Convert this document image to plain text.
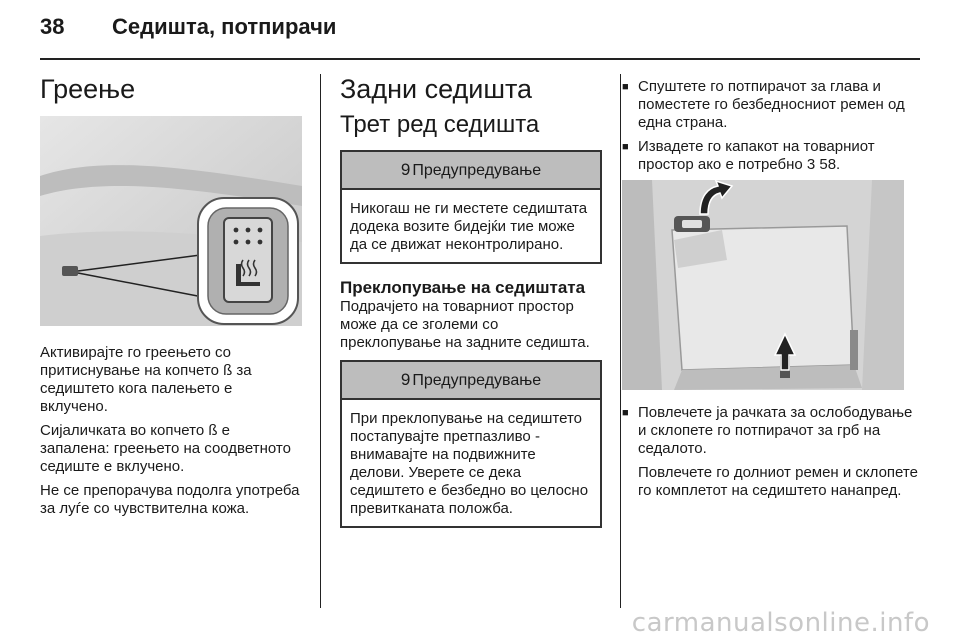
38 Седишта, потпирачи
Греење

Активирајте го греењето со притиснување на копчето ß за седиштето кога палењето е вклучено.

Сијаличката во копчето ß е запалена: греењето на соодветното седиште е вклучено.

Не се препорачува подолга употреба за луѓе со чувствителна кожа.

Задни седишта
Трет ред седишта
9 Предупредување
Никогаш не ги местете седиштата додека возите бидејќи тие може да се движат неконтролирано.
Преклопување на седиштата

Подрачјето на товарниот простор може да се зголеми со преклопување на задните седишта.

9 Предупредување
При преклопување на седиштето постапувајте претпазливо - внимавајте на подвижните делови. Уверете се дека седиштето е безбедно во целосно превитканата положба.
■ Спуштете го потпирачот за глава и поместете го безбедносниот ремен од една страна.
■ Извадете го капакот на товарниот простор ако е потребно 3 58.
■ Повлечете ја рачката за ослободување и склопете го потпирачот за грб на седалото.

Повлечете го долниот ремен и склопете го комплетот на седиштето нанапред.

carmanualsonline.info
